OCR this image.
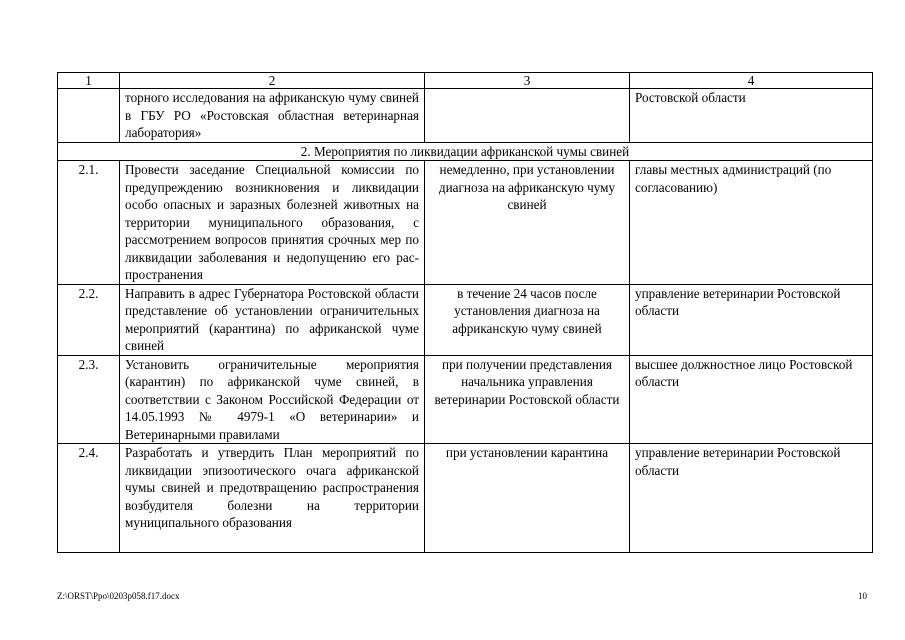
1	2	3	4
	торного исследования на африканскую чуму свиней в ГБУ РО «Ростовская областная ветеринарная лаборатория»		Ростовской области
2. Мероприятия по ликвидации африканской чумы свиней			
2.1.	Провести заседание Специальной комиссии по предупреждению возникновения и ликвидации особо опасных и заразных болезней животных на территории муниципального образования, с рассмотрением вопросов принятия срочных мер по ликвидации заболевания и недопущению его распространения	немедленно, при установлении диагноза на африканскую чуму свиней	главы местных администраций (по согласованию)
2.2.	Направить в адрес Губернатора Ростовской области представление об установлении ограничительных мероприятий (карантина) по африканской чуме свиней	в течение 24 часов после установления диагноза на африканскую чуму свиней	управление ветеринарии Ростовской области
2.3.	Установить ограничительные мероприятия (карантин) по африканской чуме свиней, в соответствии с Законом Российской Федерации от 14.05.1993 № 4979-1 «О ветеринарии» и Ветеринарными правилами	при получении представления начальника управления ветеринарии Ростовской области	высшее должностное лицо Ростовской области
2.4.	Разработать и утвердить План мероприятий по ликвидации эпизоотического очага африканской чумы свиней и предотвращению распространения возбудителя болезни на территории муниципального образования	при установлении карантина	управление ветеринарии Ростовской области
Z:\ORST\Ppo\0203p058.f17.docx	10
